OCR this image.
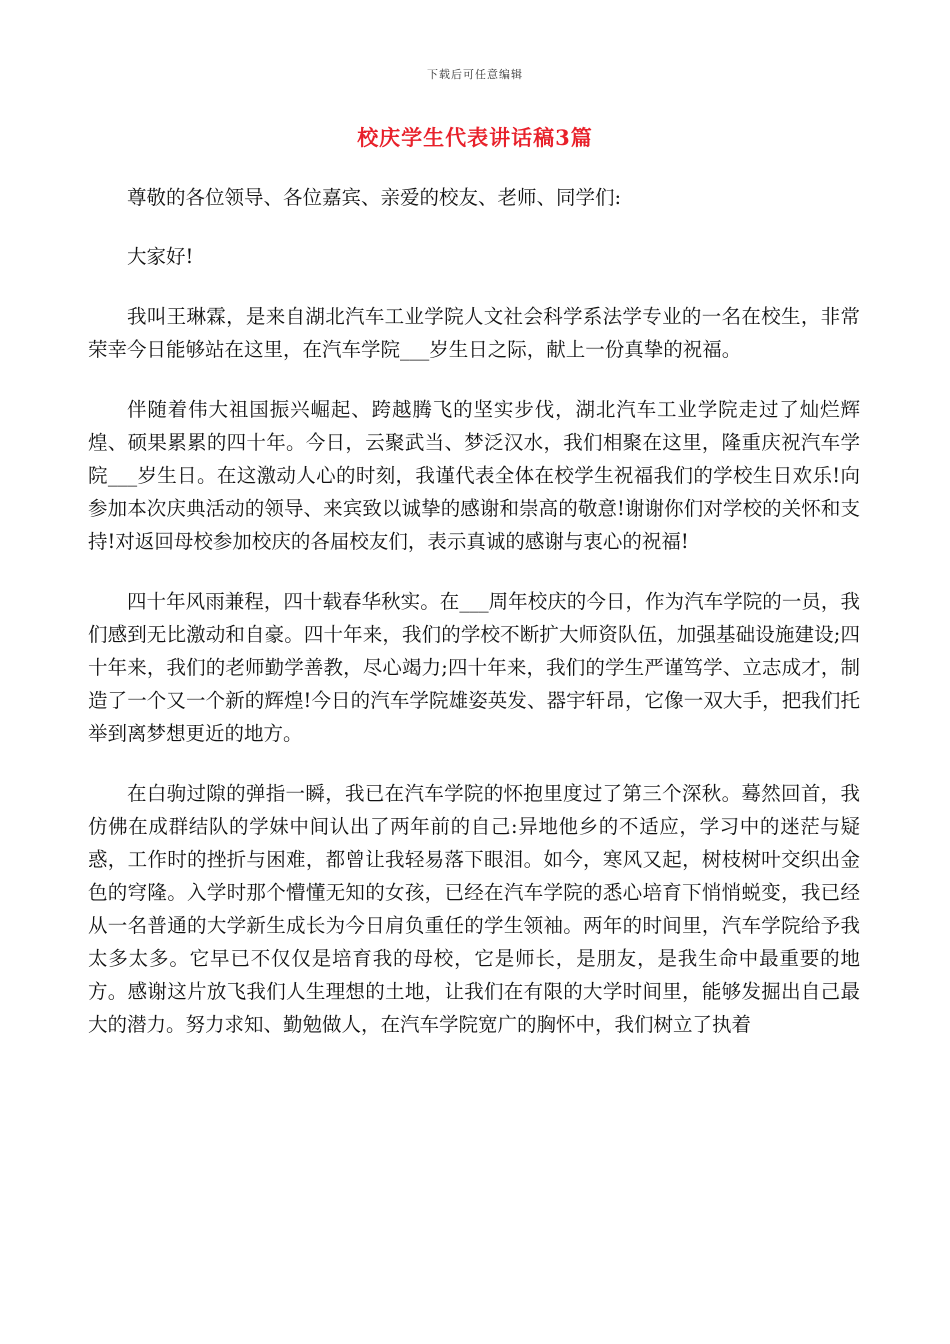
下载后可任意编辑
校庆学生代表讲话稿3篇

尊敬的各位领导、各位嘉宾、亲爱的校友、老师、同学们:

大家好!

我叫王琳霖，是来自湖北汽车工业学院人文社会科学系法学专业的一名在校生，非常荣幸今日能够站在这里，在汽车学院___岁生日之际，献上一份真挚的祝福。

伴随着伟大祖国振兴崛起、跨越腾飞的坚实步伐，湖北汽车工业学院走过了灿烂辉煌、硕果累累的四十年。今日，云聚武当、梦泛汉水，我们相聚在这里，隆重庆祝汽车学院___岁生日。在这激动人心的时刻，我谨代表全体在校学生祝福我们的学校生日欢乐!向参加本次庆典活动的领导、来宾致以诚挚的感谢和崇高的敬意!谢谢你们对学校的关怀和支持!对返回母校参加校庆的各届校友们，表示真诚的感谢与衷心的祝福!

四十年风雨兼程，四十载春华秋实。在___周年校庆的今日，作为汽车学院的一员，我们感到无比激动和自豪。四十年来，我们的学校不断扩大师资队伍，加强基础设施建设;四十年来，我们的老师勤学善教，尽心竭力;四十年来，我们的学生严谨笃学、立志成才，制造了一个又一个新的辉煌!今日的汽车学院雄姿英发、器宇轩昂，它像一双大手，把我们托举到离梦想更近的地方。

在白驹过隙的弹指一瞬，我已在汽车学院的怀抱里度过了第三个深秋。蓦然回首，我仿佛在成群结队的学妹中间认出了两年前的自己:异地他乡的不适应，学习中的迷茫与疑惑，工作时的挫折与困难，都曾让我轻易落下眼泪。如今，寒风又起，树枝树叶交织出金色的穹隆。入学时那个懵懂无知的女孩，已经在汽车学院的悉心培育下悄悄蜕变，我已经从一名普通的大学新生成长为今日肩负重任的学生领袖。两年的时间里，汽车学院给予我太多太多。它早已不仅仅是培育我的母校，它是师长，是朋友，是我生命中最重要的地方。感谢这片放飞我们人生理想的土地，让我们在有限的大学时间里，能够发掘出自己最大的潜力。努力求知、勤勉做人，在汽车学院宽广的胸怀中，我们树立了执着
